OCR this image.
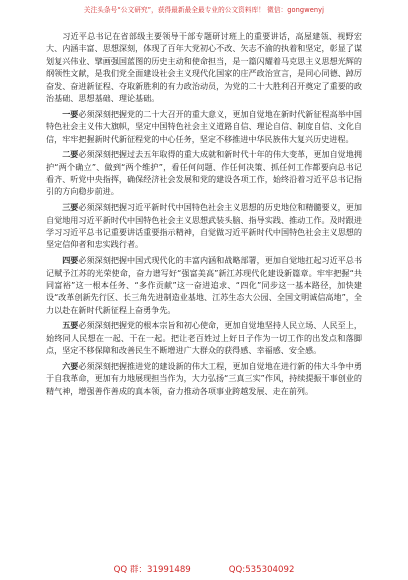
关注头条号“公文研究”，获得最新最全最专业的公文资料库！ 微信：gongwenyj

习近平总书记在省部级主要领导干部专题研讨班上的重要讲话，高屋建瓴、视野宏大、内涵丰富、思想深刻，体现了百年大党初心不改、矢志不渝的执着和坚定，彰显了谋划复兴伟业、擘画强国蓝图的历史主动和使命担当，是一篇闪耀着马克思主义思想光辉的纲领性文献，是我们党全面建设社会主义现代化国家的庄严政治宣言，是同心同德、踔厉奋发、奋进新征程、夺取新胜利的有力政治动员，为党的二十大胜利召开奠定了重要的政治基础、思想基础、理论基础。

一要必须深刻把握党的二十大召开的重大意义，更加自觉地在新时代新征程高举中国特色社会主义伟大旗帜，坚定中国特色社会主义道路自信、理论自信、制度自信、文化自信，牢牢把握新时代新征程党的中心任务，坚定不移推进中华民族伟大复兴历史进程。

二要必须深刻把握过去五年取得的重大成就和新时代十年的伟大变革，更加自觉地拥护“两个确立”、做到“两个维护”，看任何问题、作任何决策、抓任何工作都要向总书记看齐、听党中央指挥，确保经济社会发展和党的建设各项工作，始终沿着习近平总书记指引的方向稳步前进。

三要必须深刻把握习近平新时代中国特色社会主义思想的历史地位和精髓要义，更加自觉地用习近平新时代中国特色社会主义思想武装头脑、指导实践、推动工作。及时跟进学习习近平总书记重要讲话重要指示精神，自觉做习近平新时代中国特色社会主义思想的坚定信仰者和忠实践行者。

四要必须深刻把握中国式现代化的丰富内涵和战略部署，更加自觉地扛起习近平总书记赋予江苏的光荣使命，奋力谱写好“强富美高”新江苏现代化建设新篇章。牢牢把握“共同富裕”这一根本任务、“多作贡献”这一奋进追求、“四化”同步这一基本路径，加快建设“改革创新先行区、长三角先进制造业基地、江苏生态大公园、全国文明诚信高地”，全力以赴在新时代新征程上奋勇争先。

五要必须深刻把握党的根本宗旨和初心使命，更加自觉地坚持人民立场、人民至上，始终同人民想在一起、干在一起。把让老百姓过上好日子作为一切工作的出发点和落脚点，坚定不移保障和改善民生不断增进广大群众的获得感、幸福感、安全感。

六要必须深刻把握推进党的建设新的伟大工程，更加自觉地在进行新的伟大斗争中勇于自我革命，更加有力地展现担当作为，大力弘扬“三真三实”作风，持续提振干事创业的精气神，增强善作善成的真本领，奋力推动各项事业跨越发展、走在前列。

QQ 群：31991489	QQ:535304092
